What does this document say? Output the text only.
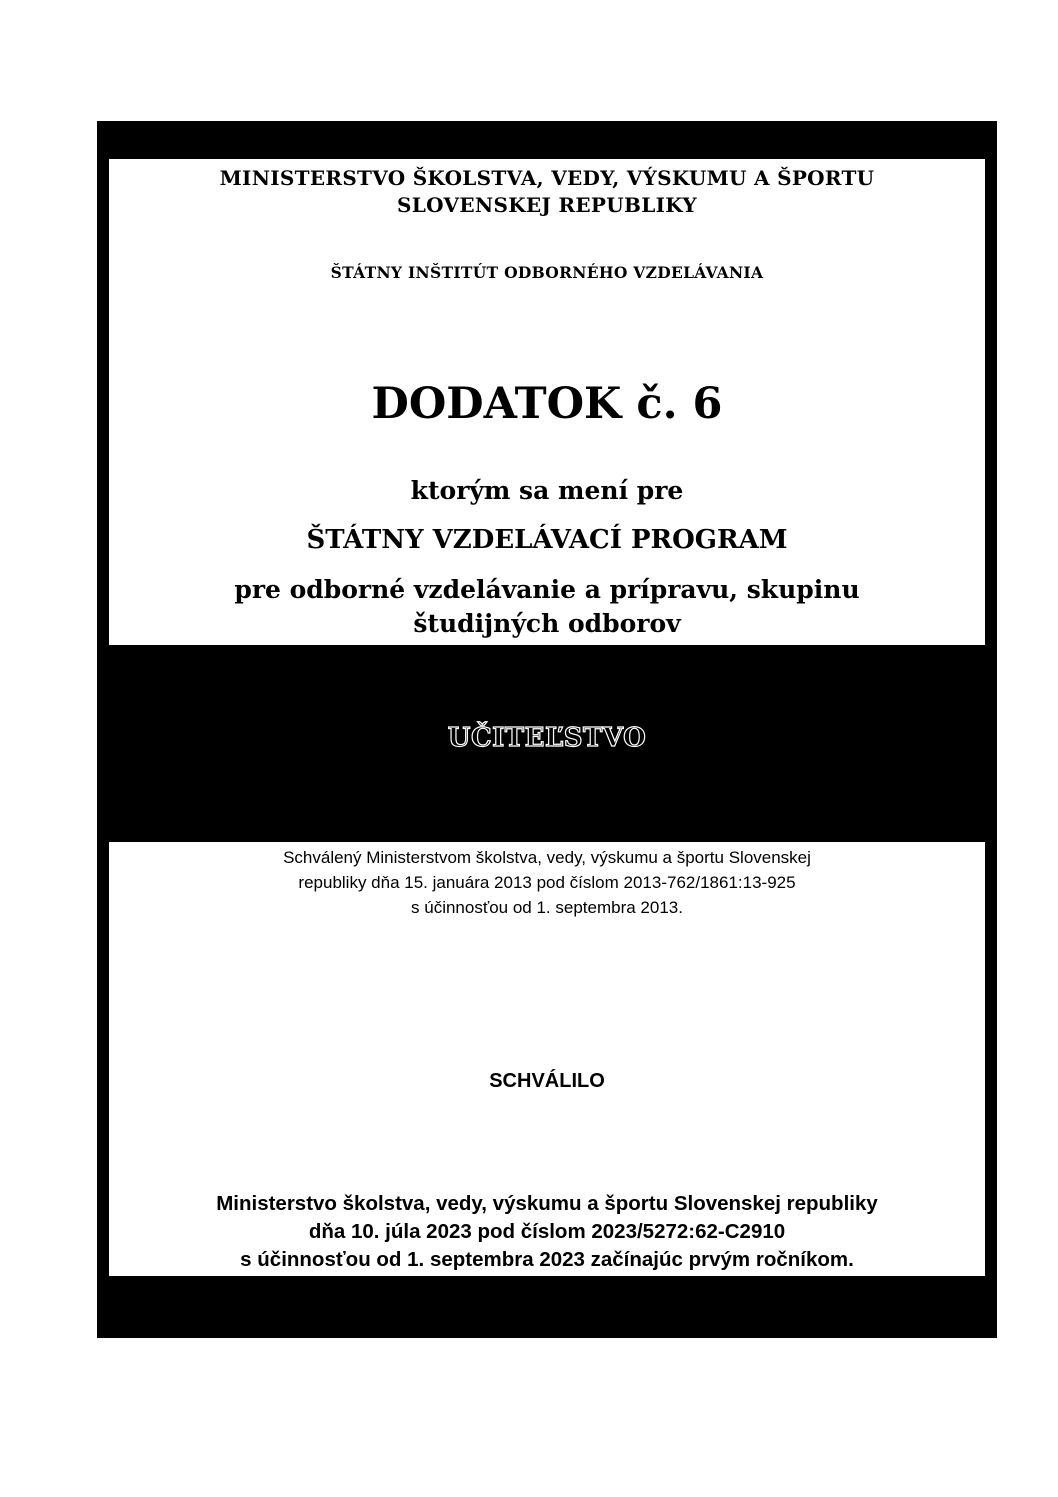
MINISTERSTVO ŠKOLSTVA, VEDY, VÝSKUMU A ŠPORTU
SLOVENSKEJ REPUBLIKY
ŠTÁTNY INŠTITÚT ODBORNÉHO VZDELÁVANIA
DODATOK č. 6
ktorým sa mení pre
ŠTÁTNY VZDELÁVACÍ PROGRAM
pre odborné vzdelávanie a prípravu, skupinu
študijných odborov
UČITEĽSTVO
Schválený Ministerstvom školstva, vedy, výskumu a športu Slovenskej
republiky dňa 15. januára 2013 pod číslom 2013-762/1861:13-925
s účinnosťou od 1. septembra 2013.
SCHVÁLILO
Ministerstvo školstva, vedy, výskumu a športu Slovenskej republiky
dňa 10. júla 2023 pod číslom 2023/5272:62-C2910
s účinnosťou od 1. septembra 2023 začínajúc prvým ročníkom.
